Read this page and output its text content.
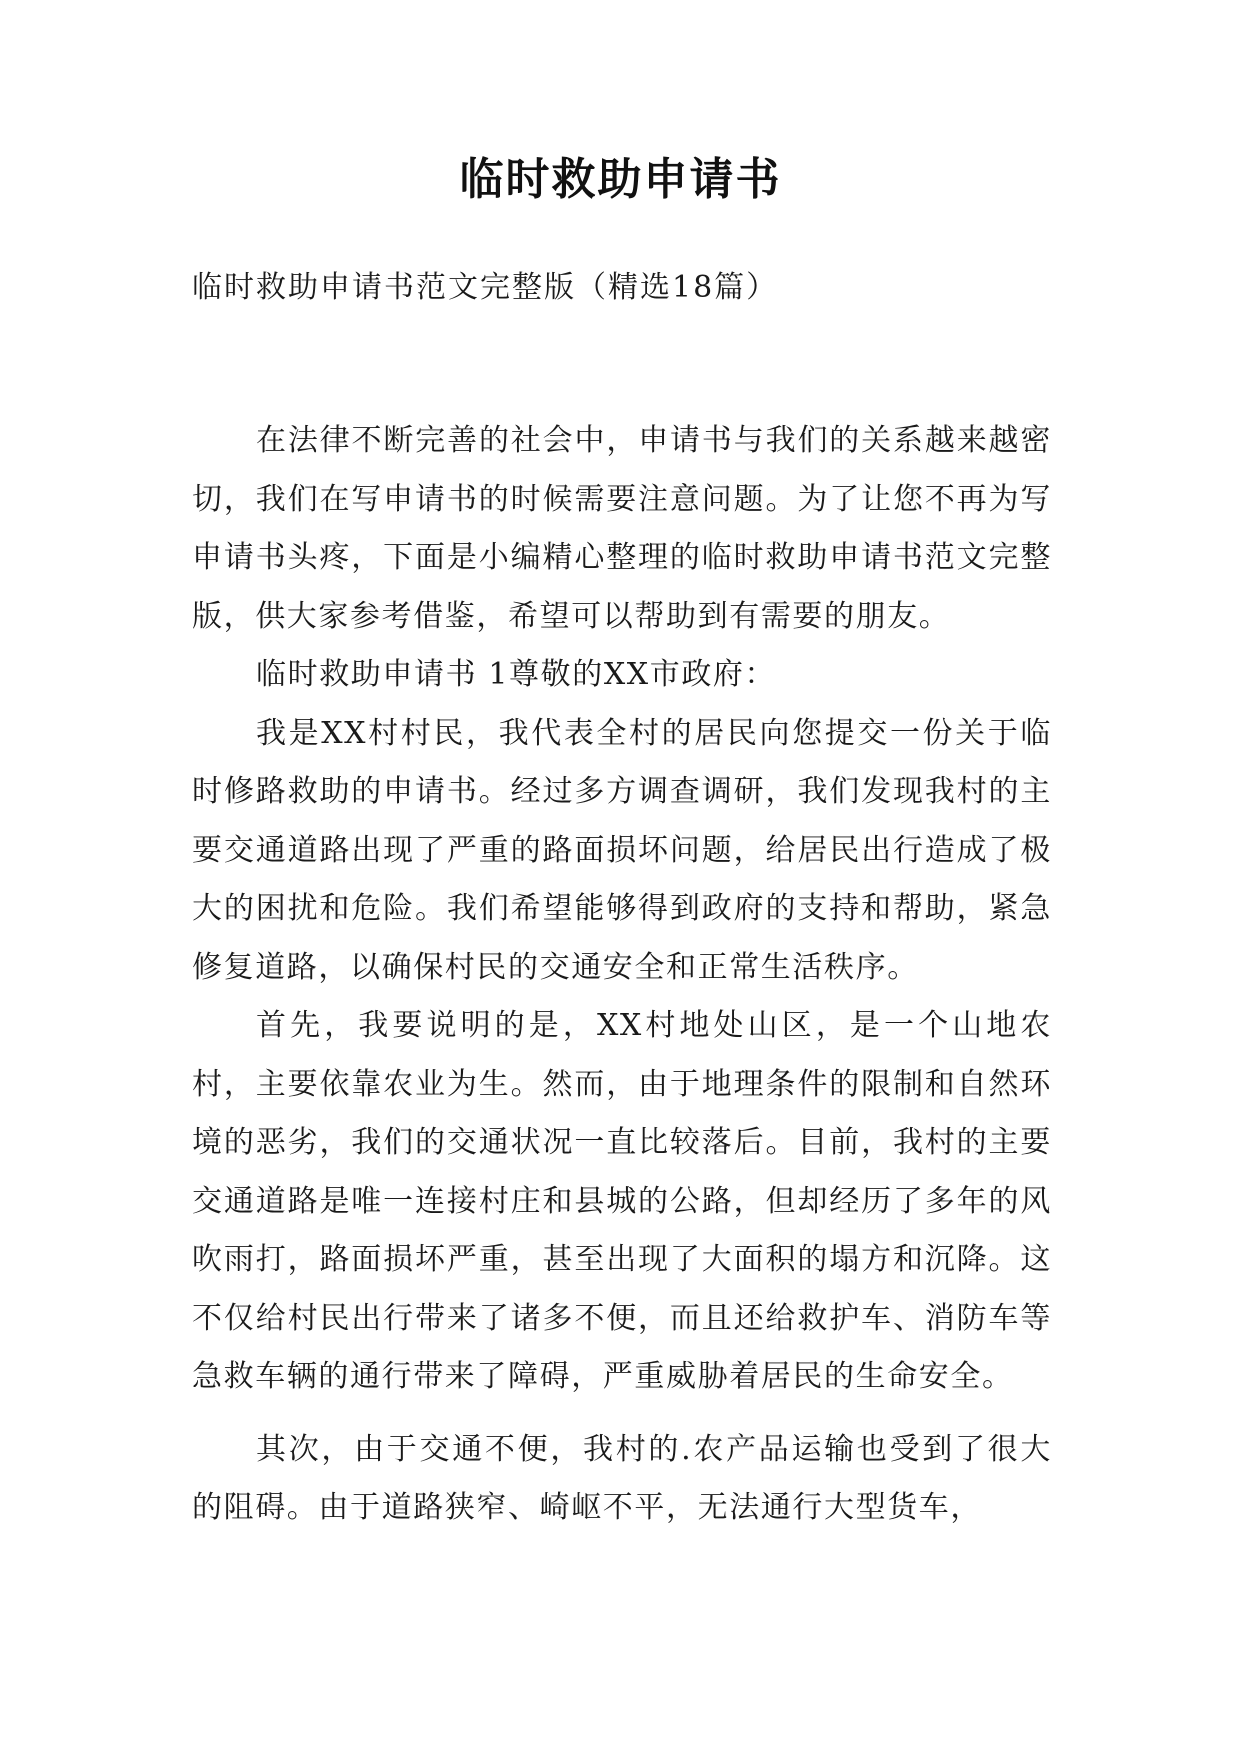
临时救助申请书

临时救助申请书范文完整版（精选18篇）

在法律不断完善的社会中，申请书与我们的关系越来越密切，我们在写申请书的时候需要注意问题。为了让您不再为写申请书头疼，下面是小编精心整理的临时救助申请书范文完整版，供大家参考借鉴，希望可以帮助到有需要的朋友。

临时救助申请书 1尊敬的XX市政府：

我是XX村村民，我代表全村的居民向您提交一份关于临时修路救助的申请书。经过多方调查调研，我们发现我村的主要交通道路出现了严重的路面损坏问题，给居民出行造成了极大的困扰和危险。我们希望能够得到政府的支持和帮助，紧急修复道路，以确保村民的交通安全和正常生活秩序。

首先，我要说明的是，XX村地处山区，是一个山地农村，主要依靠农业为生。然而，由于地理条件的限制和自然环境的恶劣，我们的交通状况一直比较落后。目前，我村的主要交通道路是唯一连接村庄和县城的公路，但却经历了多年的风吹雨打，路面损坏严重，甚至出现了大面积的塌方和沉降。这不仅给村民出行带来了诸多不便，而且还给救护车、消防车等急救车辆的通行带来了障碍，严重威胁着居民的生命安全。

其次，由于交通不便，我村的.农产品运输也受到了很大的阻碍。由于道路狭窄、崎岖不平，无法通行大型货车，
